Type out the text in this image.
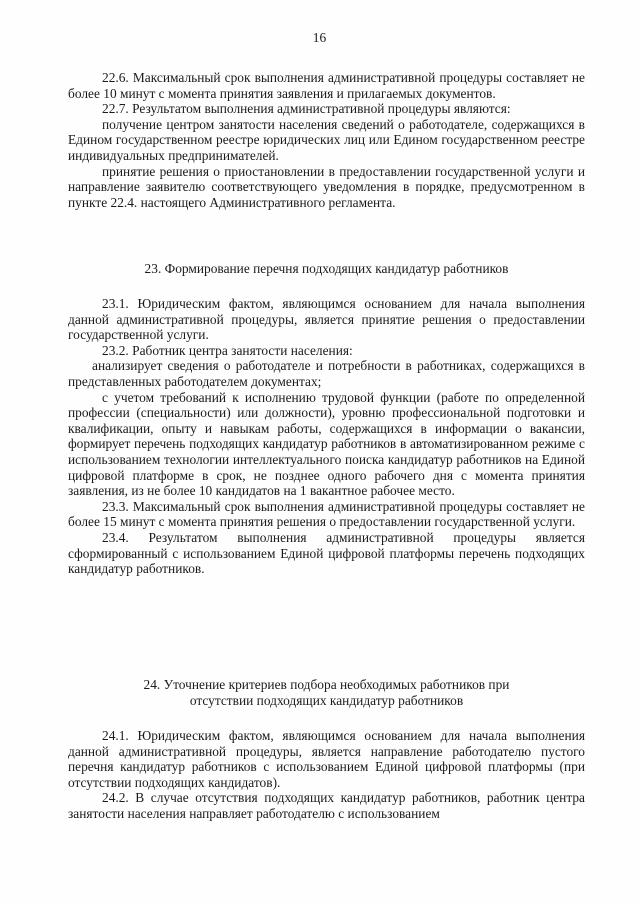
16

22.6. Максимальный срок выполнения административной процедуры составляет не более 10 минут с момента принятия заявления и прилагаемых документов.

22.7. Результатом выполнения административной процедуры являются:

получение центром занятости населения сведений о работодателе, содержащихся в Едином государственном реестре юридических лиц или Едином государственном реестре индивидуальных предпринимателей.

принятие решения о приостановлении в предоставлении государственной услуги и направление заявителю соответствующего уведомления в порядке, предусмотренном в пункте 22.4. настоящего Административного регламента.

23. Формирование перечня подходящих кандидатур работников

23.1. Юридическим фактом, являющимся основанием для начала выполнения данной административной процедуры, является принятие решения о предоставлении государственной услуги.

23.2. Работник центра занятости населения:

анализирует сведения о работодателе и потребности в работниках, содержащихся в представленных работодателем документах;

с учетом требований к исполнению трудовой функции (работе по определенной профессии (специальности) или должности), уровню профессиональной подготовки и квалификации, опыту и навыкам работы, содержащихся в информации о вакансии, формирует перечень подходящих кандидатур работников в автоматизированном режиме с использованием технологии интеллектуального поиска кандидатур работников на Единой цифровой платформе в срок, не позднее одного рабочего дня с момента принятия заявления, из не более 10 кандидатов на 1 вакантное рабочее место.

23.3. Максимальный срок выполнения административной процедуры составляет не более 15 минут с момента принятия решения о предоставлении государственной услуги.

23.4. Результатом выполнения административной процедуры является сформированный с использованием Единой цифровой платформы перечень подходящих кандидатур работников.

24. Уточнение критериев подбора необходимых работников при

отсутствии подходящих кандидатур работников

24.1. Юридическим фактом, являющимся основанием для начала выполнения данной административной процедуры, является направление работодателю пустого перечня кандидатур работников с использованием Единой цифровой платформы (при отсутствии подходящих кандидатов).

24.2. В случае отсутствия подходящих кандидатур работников, работник центра занятости населения направляет работодателю с использованием
